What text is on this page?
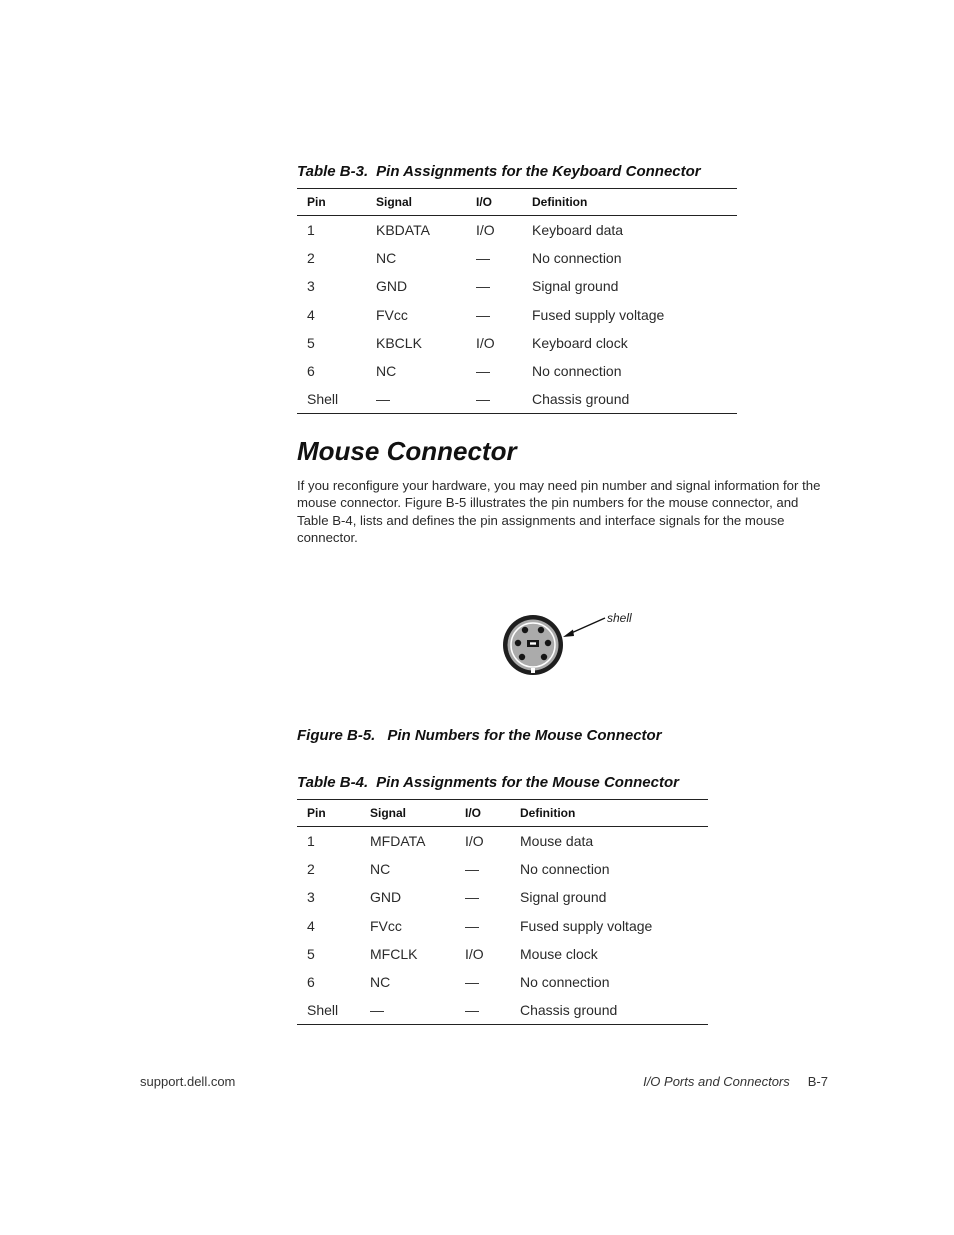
Table B-3. Pin Assignments for the Keyboard Connector

Pin	Signal	I/O	Definition
1	KBDATA	I/O	Keyboard data
2	NC	—	No connection
3	GND	—	Signal ground
4	FVcc	—	Fused supply voltage
5	KBCLK	I/O	Keyboard clock
6	NC	—	No connection
Shell	—	—	Chassis ground
Mouse Connector

If you reconfigure your hardware, you may need pin number and signal information for the mouse connector. Figure B-5 illustrates the pin numbers for the mouse connector, and Table B-4, lists and defines the pin assignments and interface signals for the mouse connector.

shell

Figure B-5. Pin Numbers for the Mouse Connector

Table B-4. Pin Assignments for the Mouse Connector

Pin	Signal	I/O	Definition
1	MFDATA	I/O	Mouse data
2	NC	—	No connection
3	GND	—	Signal ground
4	FVcc	—	Fused supply voltage
5	MFCLK	I/O	Mouse clock
6	NC	—	No connection
Shell	—	—	Chassis ground
support.dell.com	I/O Ports and Connectors B-7
